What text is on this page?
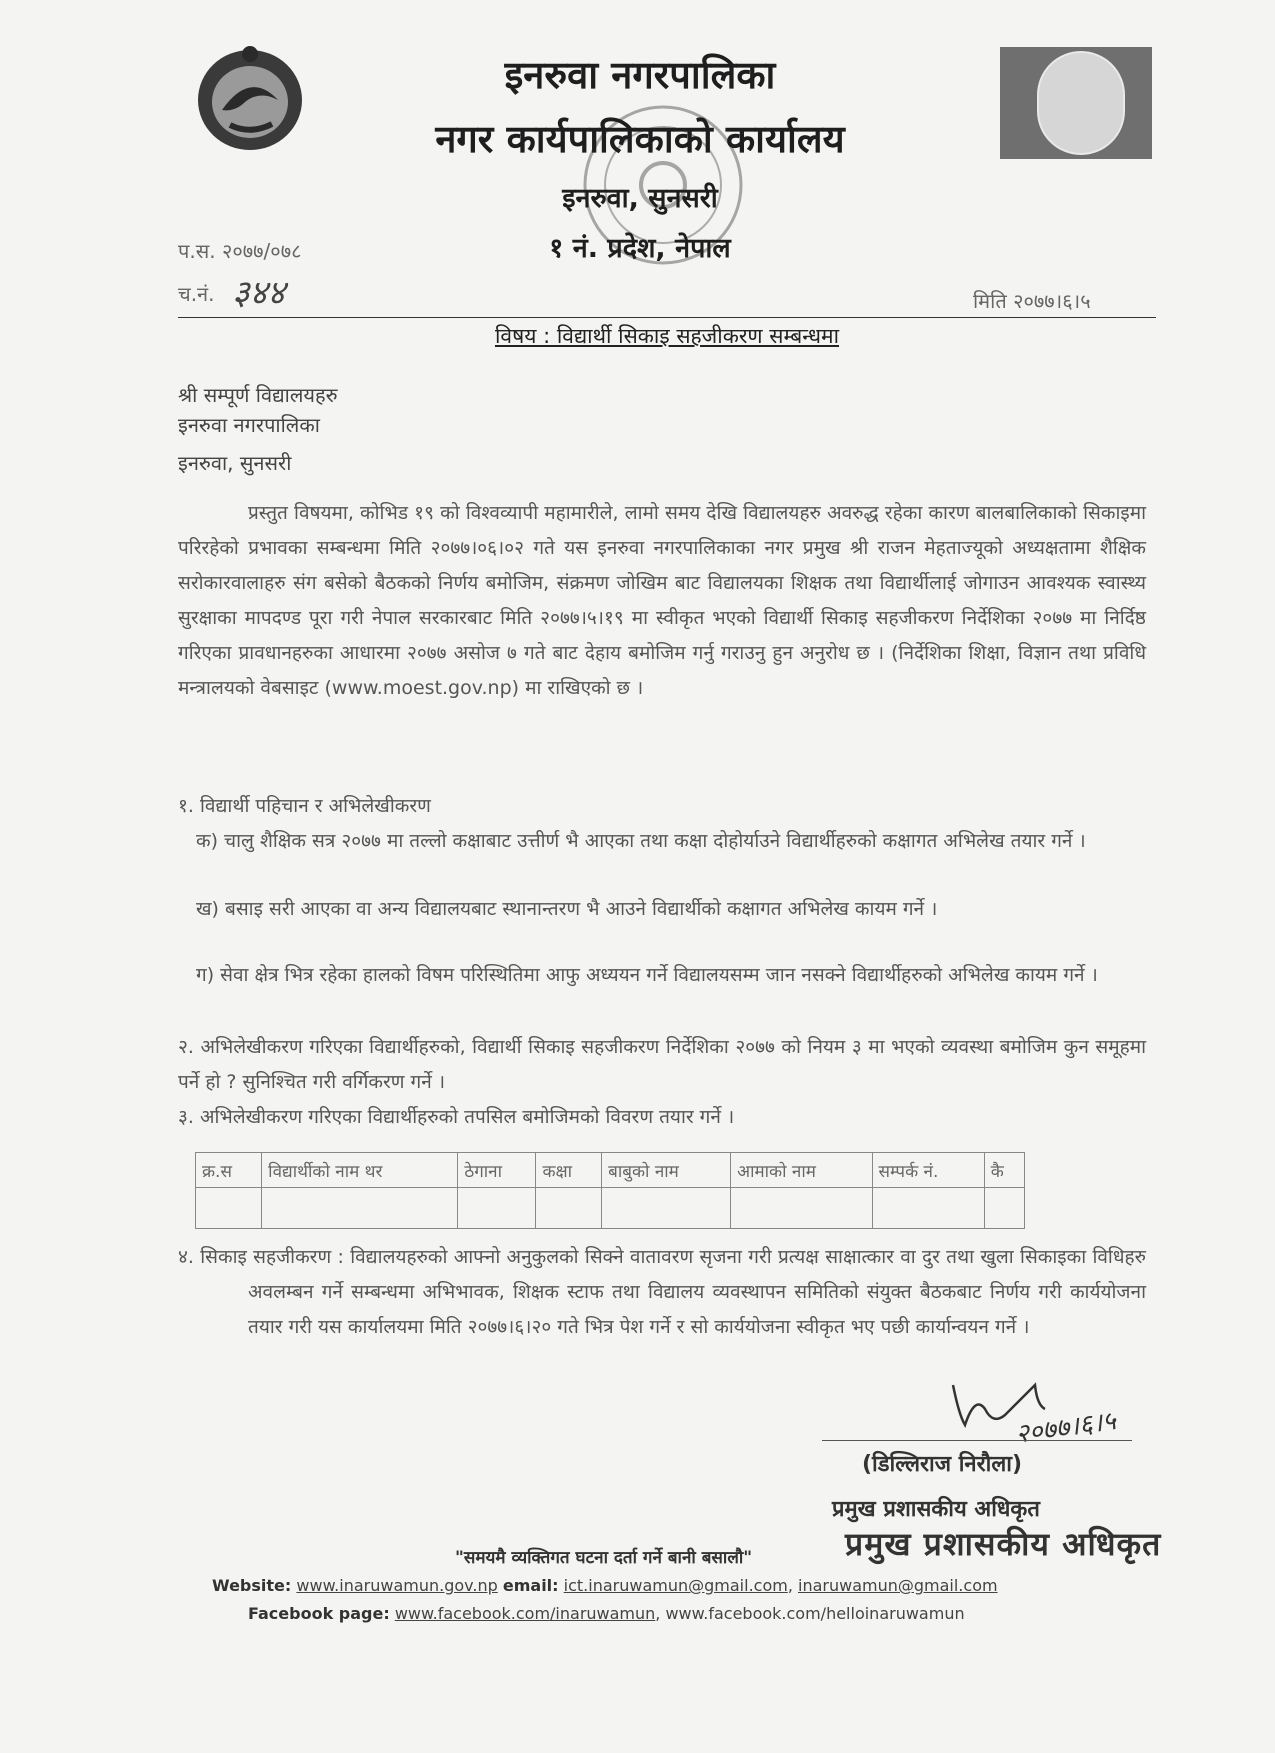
इनरुवा नगरपालिका
नगर कार्यपालिकाको कार्यालय
इनरुवा, सुनसरी
१ नं. प्रदेश, नेपाल
प.स. २०७७/०७८
च.नं. ३४४	मिति २०७७।६।५
विषय : विद्यार्थी सिकाइ सहजीकरण सम्बन्धमा
श्री सम्पूर्ण विद्यालयहरु
इनरुवा नगरपालिका
इनरुवा, सुनसरी
प्रस्तुत विषयमा, कोभिड १९ को विश्वव्यापी महामारीले, लामो समय देखि विद्यालयहरु अवरुद्ध रहेका कारण बालबालिकाको सिकाइमा परिरहेको प्रभावका सम्बन्धमा मिति २०७७।०६।०२ गते यस इनरुवा नगरपालिकाका नगर प्रमुख श्री राजन मेहताज्यूको अध्यक्षतामा शैक्षिक सरोकारवालाहरु संग बसेको बैठकको निर्णय बमोजिम, संक्रमण जोखिम बाट विद्यालयका शिक्षक तथा विद्यार्थीलाई जोगाउन आवश्यक स्वास्थ्य सुरक्षाका मापदण्ड पूरा गरी नेपाल सरकारबाट मिति २०७७।५।१९ मा स्वीकृत भएको विद्यार्थी सिकाइ सहजीकरण निर्देशिका २०७७ मा निर्दिष्ठ गरिएका प्रावधानहरुका आधारमा २०७७ असोज ७ गते बाट देहाय बमोजिम गर्नु गराउनु हुन अनुरोध छ । (निर्देशिका शिक्षा, विज्ञान तथा प्रविधि मन्त्रालयको वेबसाइट (www.moest.gov.np) मा राखिएको छ ।
१. विद्यार्थी पहिचान र अभिलेखीकरण
क) चालु शैक्षिक सत्र २०७७ मा तल्लो कक्षाबाट उत्तीर्ण भै आएका तथा कक्षा दोहोर्याउने विद्यार्थीहरुको कक्षागत अभिलेख तयार गर्ने ।
ख) बसाइ सरी आएका वा अन्य विद्यालयबाट स्थानान्तरण भै आउने विद्यार्थीको कक्षागत अभिलेख कायम गर्ने ।
ग) सेवा क्षेत्र भित्र रहेका हालको विषम परिस्थितिमा आफु अध्ययन गर्ने विद्यालयसम्म जान नसक्ने विद्यार्थीहरुको अभिलेख कायम गर्ने ।
२. अभिलेखीकरण गरिएका विद्यार्थीहरुको, विद्यार्थी सिकाइ सहजीकरण निर्देशिका २०७७ को नियम ३ मा भएको व्यवस्था बमोजिम कुन समूहमा पर्ने हो ? सुनिश्चित गरी वर्गिकरण गर्ने ।
३. अभिलेखीकरण गरिएका विद्यार्थीहरुको तपसिल बमोजिमको विवरण तयार गर्ने ।
क्र.स	विद्यार्थीको नाम थर	ठेगाना	कक्षा	बाबुको नाम	आमाको नाम	सम्पर्क नं.	कै

४. सिकाइ सहजीकरण : विद्यालयहरुको आफ्नो अनुकुलको सिक्ने वातावरण सृजना गरी प्रत्यक्ष साक्षात्कार वा दुर तथा खुला सिकाइका विधिहरु अवलम्बन गर्ने सम्बन्धमा अभिभावक, शिक्षक स्टाफ तथा विद्यालय व्यवस्थापन समितिको संयुक्त बैठकबाट निर्णय गरी कार्ययोजना तयार गरी यस कार्यालयमा मिति २०७७।६।२० गते भित्र पेश गर्ने र सो कार्ययोजना स्वीकृत भए पछी कार्यान्वयन गर्ने ।
२०७७।६।५
(डिल्लिराज निरौला)
प्रमुख प्रशासकीय अधिकृत
प्रमुख प्रशासकीय अधिकृत
"समयमै व्यक्तिगत घटना दर्ता गर्ने बानी बसालौ"
Website: www.inaruwamun.gov.np email: ict.inaruwamun@gmail.com, inaruwamun@gmail.com
Facebook page: www.facebook.com/inaruwamun, www.facebook.com/helloinaruwamun
